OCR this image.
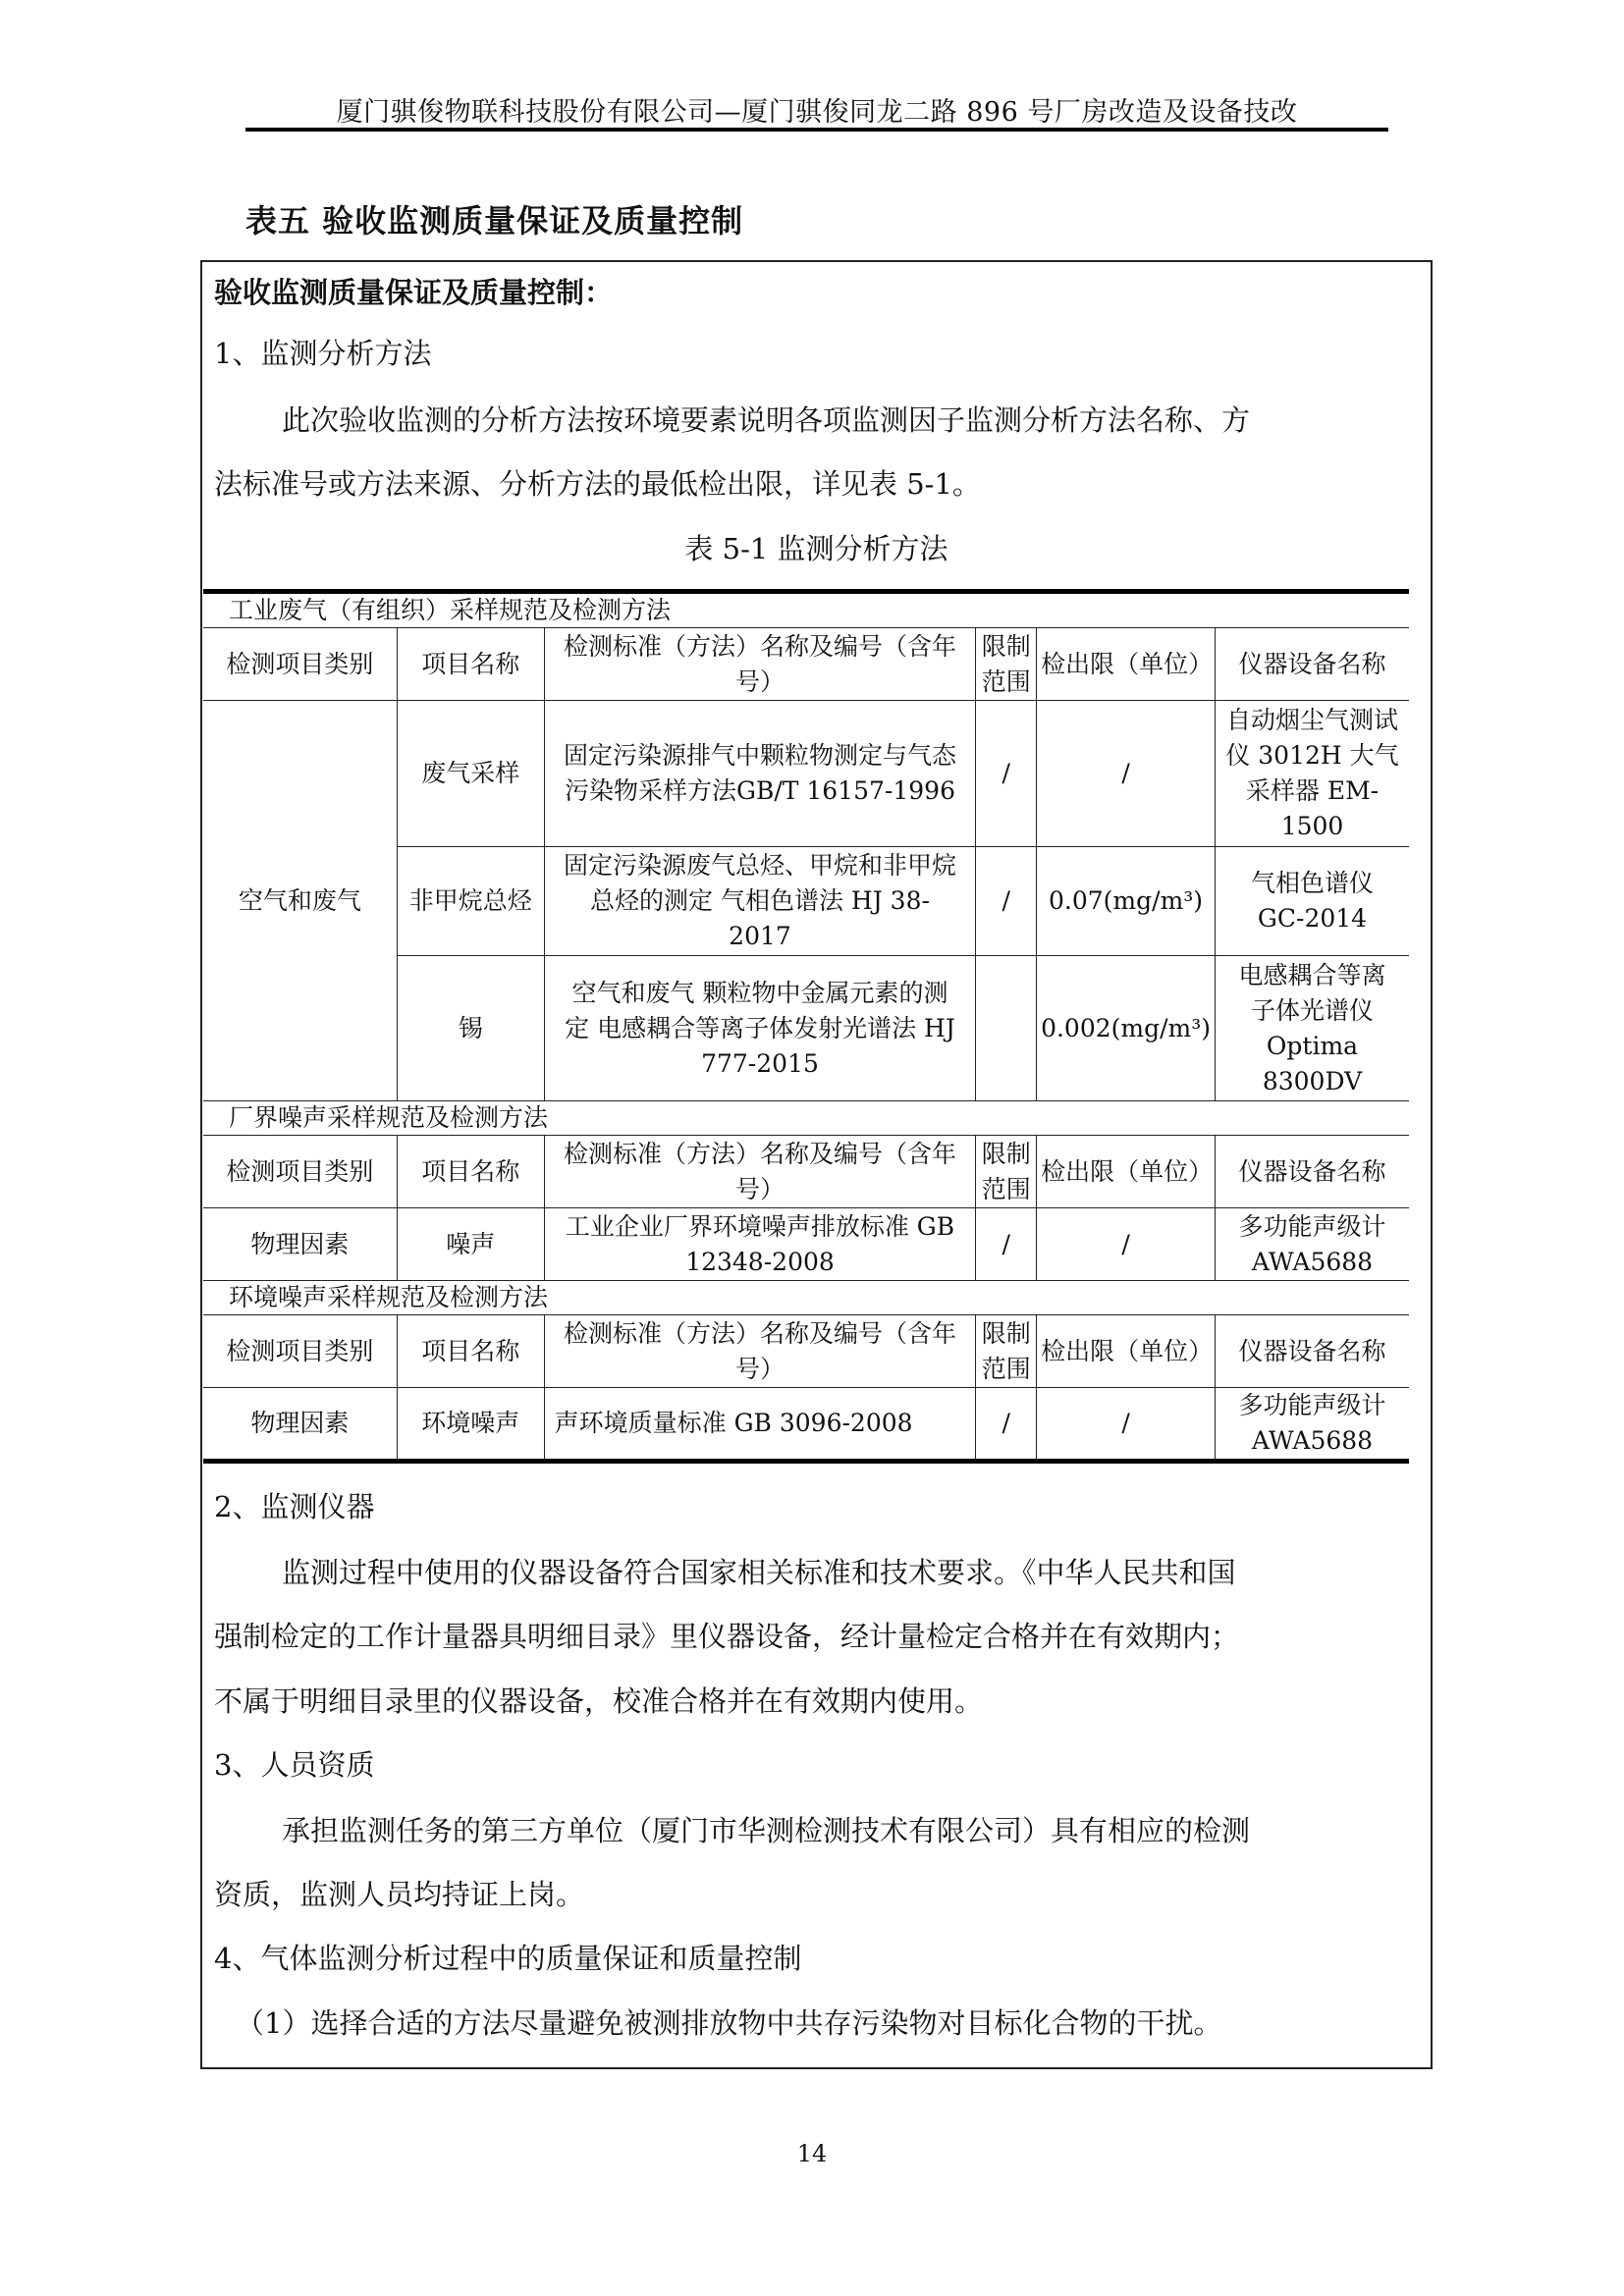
厦门骐俊物联科技股份有限公司—厦门骐俊同龙二路 896 号厂房改造及设备技改
表五 验收监测质量保证及质量控制
验收监测质量保证及质量控制：
1、监测分析方法
此次验收监测的分析方法按环境要素说明各项监测因子监测分析方法名称、方
法标准号或方法来源、分析方法的最低检出限，详见表 5-1。
表 5-1 监测分析方法
工业废气（有组织）采样规范及检测方法					
检测项目类别	项目名称	检测标准（方法）名称及编号（含年号）	限制范围	检出限（单位）	仪器设备名称
空气和废气	废气采样	固定污染源排气中颗粒物测定与气态污染物采样方法GB/T 16157-1996	/	/	自动烟尘气测试仪 3012H 大气采样器 EM-1500
	非甲烷总烃	固定污染源废气总烃、甲烷和非甲烷总烃的测定 气相色谱法 HJ 38-2017	/	0.07(mg/m³)	气相色谱仪 GC-2014
	锡	空气和废气 颗粒物中金属元素的测定 电感耦合等离子体发射光谱法 HJ 777-2015		0.002(mg/m³)	电感耦合等离子体光谱仪 Optima 8300DV
厂界噪声采样规范及检测方法					
检测项目类别	项目名称	检测标准（方法）名称及编号（含年号）	限制范围	检出限（单位）	仪器设备名称
物理因素	噪声	工业企业厂界环境噪声排放标准 GB 12348-2008	/	/	多功能声级计 AWA5688
环境噪声采样规范及检测方法					
检测项目类别	项目名称	检测标准（方法）名称及编号（含年号）	限制范围	检出限（单位）	仪器设备名称
物理因素	环境噪声	声环境质量标准 GB 3096-2008	/	/	多功能声级计 AWA5688
2、监测仪器
监测过程中使用的仪器设备符合国家相关标准和技术要求。《中华人民共和国
强制检定的工作计量器具明细目录》里仪器设备，经计量检定合格并在有效期内；
不属于明细目录里的仪器设备，校准合格并在有效期内使用。
3、人员资质
承担监测任务的第三方单位（厦门市华测检测技术有限公司）具有相应的检测
资质，监测人员均持证上岗。
4、气体监测分析过程中的质量保证和质量控制
（1）选择合适的方法尽量避免被测排放物中共存污染物对目标化合物的干扰。
14
